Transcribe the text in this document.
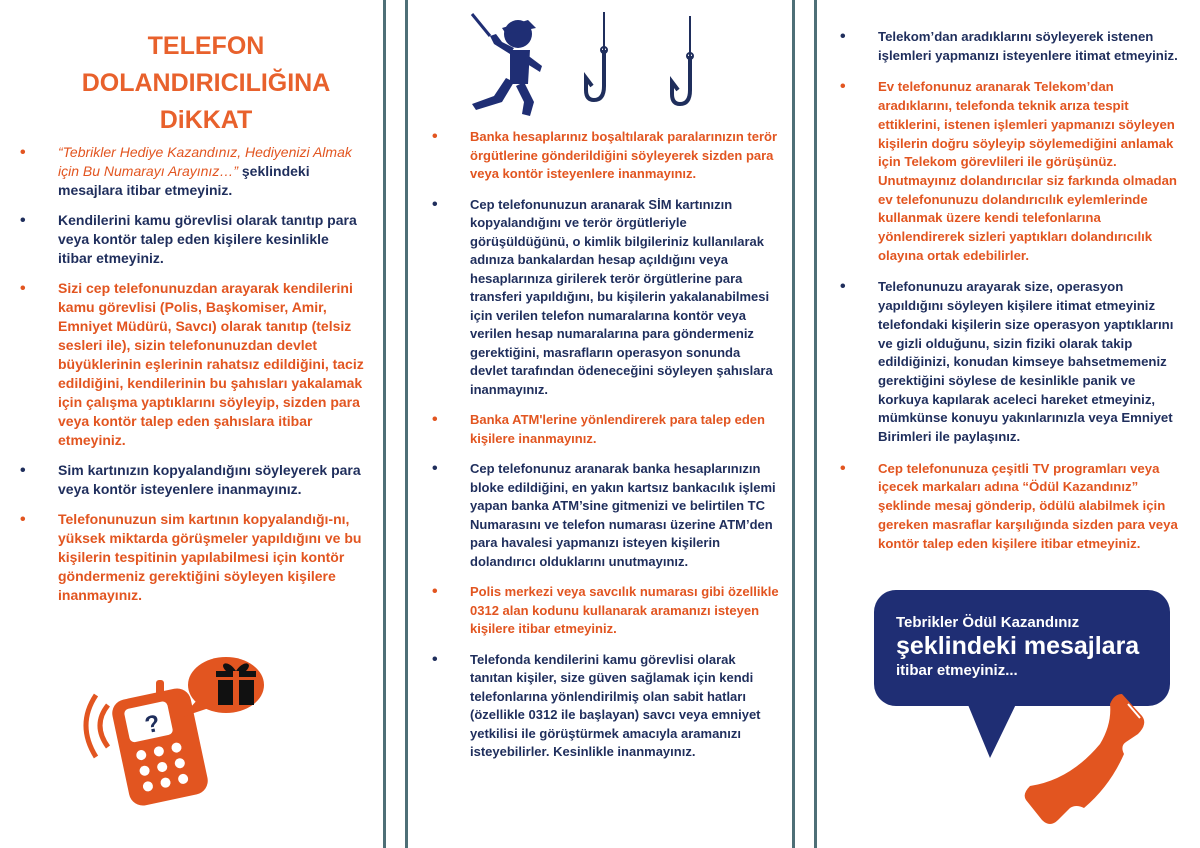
TELEFON
DOLANDIRICILIĞINA
DiKKAT
• “Tebrikler Hediye Kazandınız, Hediyenizi Almak için Bu Numarayı Arayınız…” şeklindeki mesajlara itibar etmeyiniz.
• Kendilerini kamu görevlisi olarak tanıtıp para veya kontör talep eden kişilere kesinlikle itibar etmeyiniz.
• Sizi cep telefonunuzdan arayarak kendilerini kamu görevlisi (Polis, Başkomiser, Amir, Emniyet Müdürü, Savcı) olarak tanıtıp (telsiz sesleri ile), sizin telefonunuzdan devlet büyüklerinin eşlerinin rahatsız edildiğini, taciz edildiğini, kendilerinin bu şahısları yakalamak için çalışma yaptıklarını söyleyip, sizden para veya kontör talep eden şahıslara itibar etmeyiniz.
• Sim kartınızın kopyalandığını söyleyerek para veya kontör isteyenlere inanmayınız.
• Telefonunuzun sim kartının kopyalandığı-nı, yüksek miktarda görüşmeler yapıldığını ve bu kişilerin tespitinin yapılabilmesi için kontör göndermeniz gerektiğini söyleyen kişilere inanmayınız.
?
• Banka hesaplarınız boşaltılarak paralarınızın terör örgütlerine gönderildiğini söyleyerek sizden para veya kontör isteyenlere inanmayınız.
• Cep telefonunuzun aranarak SİM kartınızın kopyalandığını ve terör örgütleriyle görüşüldüğünü, o kimlik bilgileriniz kullanılarak adınıza bankalardan hesap açıldığını veya hesaplarınıza girilerek terör örgütlerine para transferi yapıldığını, bu kişilerin yakalanabilmesi için verilen telefon numaralarına kontör veya verilen hesap numaralarına para göndermeniz gerektiğini, masrafların operasyon sonunda devlet tarafından ödeneceğini söyleyen şahıslara inanmayınız.
• Banka ATM'lerine yönlendirerek para talep eden kişilere inanmayınız.
• Cep telefonunuz aranarak banka hesaplarınızın bloke edildiğini, en yakın kartsız bankacılık işlemi yapan banka ATM’sine gitmenizi ve belirtilen TC Numarasını ve telefon numarası üzerine ATM’den para havalesi yapmanızı isteyen kişilerin dolandırıcı olduklarını unutmayınız.
• Polis merkezi veya savcılık numarası gibi özellikle 0312 alan kodunu kullanarak aramanızı isteyen kişilere itibar etmeyiniz.
• Telefonda kendilerini kamu görevlisi olarak tanıtan kişiler, size güven sağlamak için kendi telefonlarına yönlendirilmiş olan sabit hatları (özellikle 0312 ile başlayan) savcı veya emniyet yetkilisi ile görüştürmek amacıyla aramanızı isteyebilirler. Kesinlikle inanmayınız.
• Telekom’dan aradıklarını söyleyerek istenen işlemleri yapmanızı isteyenlere itimat etmeyiniz.
• Ev telefonunuz aranarak Telekom’dan aradıklarını, telefonda teknik arıza tespit ettiklerini, istenen işlemleri yapmanızı söyleyen kişilerin doğru söyleyip söylemediğini anlamak için Telekom görevlileri ile görüşünüz. Unutmayınız dolandırıcılar siz farkında olmadan ev telefonunuzu dolandırıcılık eylemlerinde kullanmak üzere kendi telefonlarına yönlendirerek sizleri yaptıkları dolandırıcılık olayına ortak edebilirler.
• Telefonunuzu arayarak size, operasyon yapıldığını söyleyen kişilere itimat etmeyiniz telefondaki kişilerin size operasyon yaptıklarını ve gizli olduğunu, sizin fiziki olarak takip edildiğinizi, konudan kimseye bahsetmemeniz gerektiğini söylese de kesinlikle panik ve korkuya kapılarak aceleci hareket etmeyiniz, mümkünse konuyu yakınlarınızla veya Emniyet Birimleri ile paylaşınız.
• Cep telefonunuza çeşitli TV programları veya içecek markaları adına “Ödül Kazandınız” şeklinde mesaj gönderip, ödülü alabilmek için gereken masraflar karşılığında sizden para veya kontör talep eden kişilere itibar etmeyiniz.
Tebrikler Ödül Kazandınız
şeklindeki mesajlara
itibar etmeyiniz...
